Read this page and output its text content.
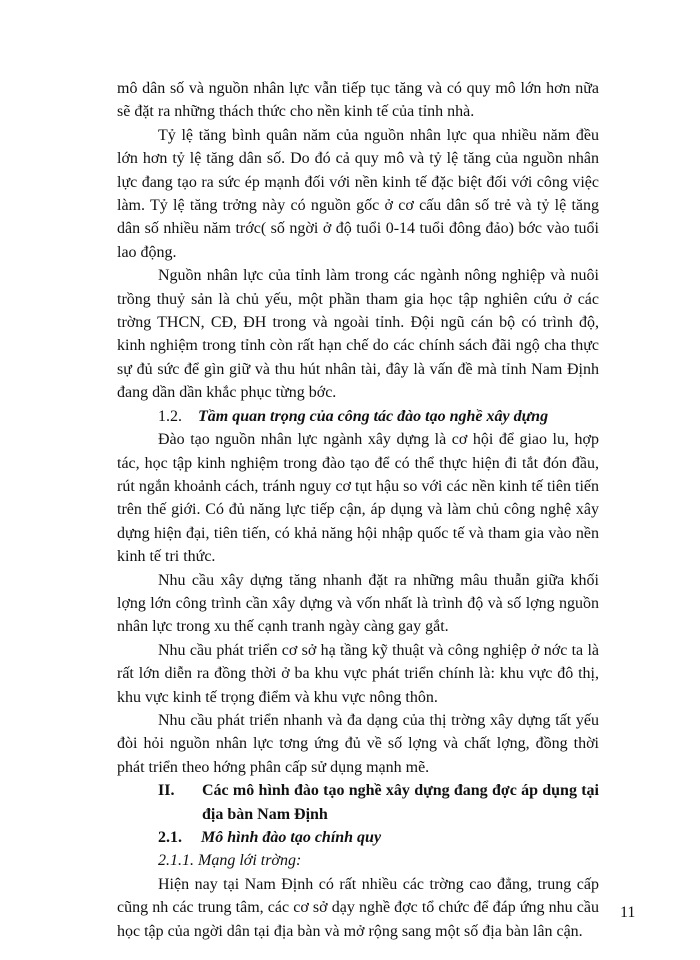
mô dân số và nguồn nhân lực vẫn tiếp tục tăng và có quy mô lớn hơn nữa sẽ đặt ra những thách thức cho nền kinh tế của tỉnh nhà.

Tỷ lệ tăng bình quân năm của nguồn nhân lực qua nhiều năm đều lớn hơn tỷ lệ tăng dân số. Do đó cả quy mô và tỷ lệ tăng của nguồn nhân lực đang tạo ra sức ép mạnh đối với nền kinh tế đặc biệt đối với công việc làm. Tỷ lệ tăng trởng này có nguồn gốc ở cơ cấu dân số trẻ và tỷ lệ tăng dân số nhiều năm trớc( số ngời ở độ tuổi 0-14 tuổi đông đảo) bớc vào tuổi lao động.

Nguồn nhân lực của tỉnh làm trong các ngành nông nghiệp và nuôi trồng thuỷ sản là chủ yếu, một phần tham gia học tập nghiên cứu ở các trờng THCN, CĐ, ĐH trong và ngoài tỉnh. Đội ngũ cán bộ có trình độ, kinh nghiệm trong tỉnh còn rất hạn chế do các chính sách đãi ngộ cha thực sự đủ sức để gìn giữ và thu hút nhân tài, đây là vấn đề mà tỉnh Nam Định đang dần dần khắc phục từng bớc.

1.2. Tầm quan trọng của công tác đào tạo nghề xây dựng

Đào tạo nguồn nhân lực ngành xây dựng là cơ hội để giao lu, hợp tác, học tập kinh nghiệm trong đào tạo để có thể thực hiện đi tắt đón đầu, rút ngắn khoảnh cách, tránh nguy cơ tụt hậu so với các nền kinh tế tiên tiến trên thế giới. Có đủ năng lực tiếp cận, áp dụng và làm chủ công nghệ xây dựng hiện đại, tiên tiến, có khả năng hội nhập quốc tế và tham gia vào nền kinh tế tri thức.

Nhu cầu xây dựng tăng nhanh đặt ra những mâu thuẫn giữa khối lợng lớn công trình cần xây dựng và vốn nhất là trình độ và số lợng nguồn nhân lực trong xu thế cạnh tranh ngày càng gay gắt.

Nhu cầu phát triển cơ sở hạ tầng kỹ thuật và công nghiệp ở nớc ta là rất lớn diễn ra đồng thời ở ba khu vực phát triển chính là: khu vực đô thị, khu vực kinh tế trọng điểm và khu vực nông thôn.

Nhu cầu phát triển nhanh và đa dạng của thị trờng xây dựng tất yếu đòi hỏi nguồn nhân lực tơng ứng đủ về số lợng và chất lợng, đồng thời phát triển theo hớng phân cấp sử dụng mạnh mẽ.

II.	Các mô hình đào tạo nghề xây dựng đang đợc áp dụng tại địa bàn Nam Định
2.1. Mô hình đào tạo chính quy
2.1.1. Mạng lới trờng:

Hiện nay tại Nam Định có rất nhiều các trờng cao đẳng, trung cấp cũng nh các trung tâm, các cơ sở dạy nghề đợc tổ chức để đáp ứng nhu cầu học tập của ngời dân tại địa bàn và mở rộng sang một số địa bàn lân cận.

11
